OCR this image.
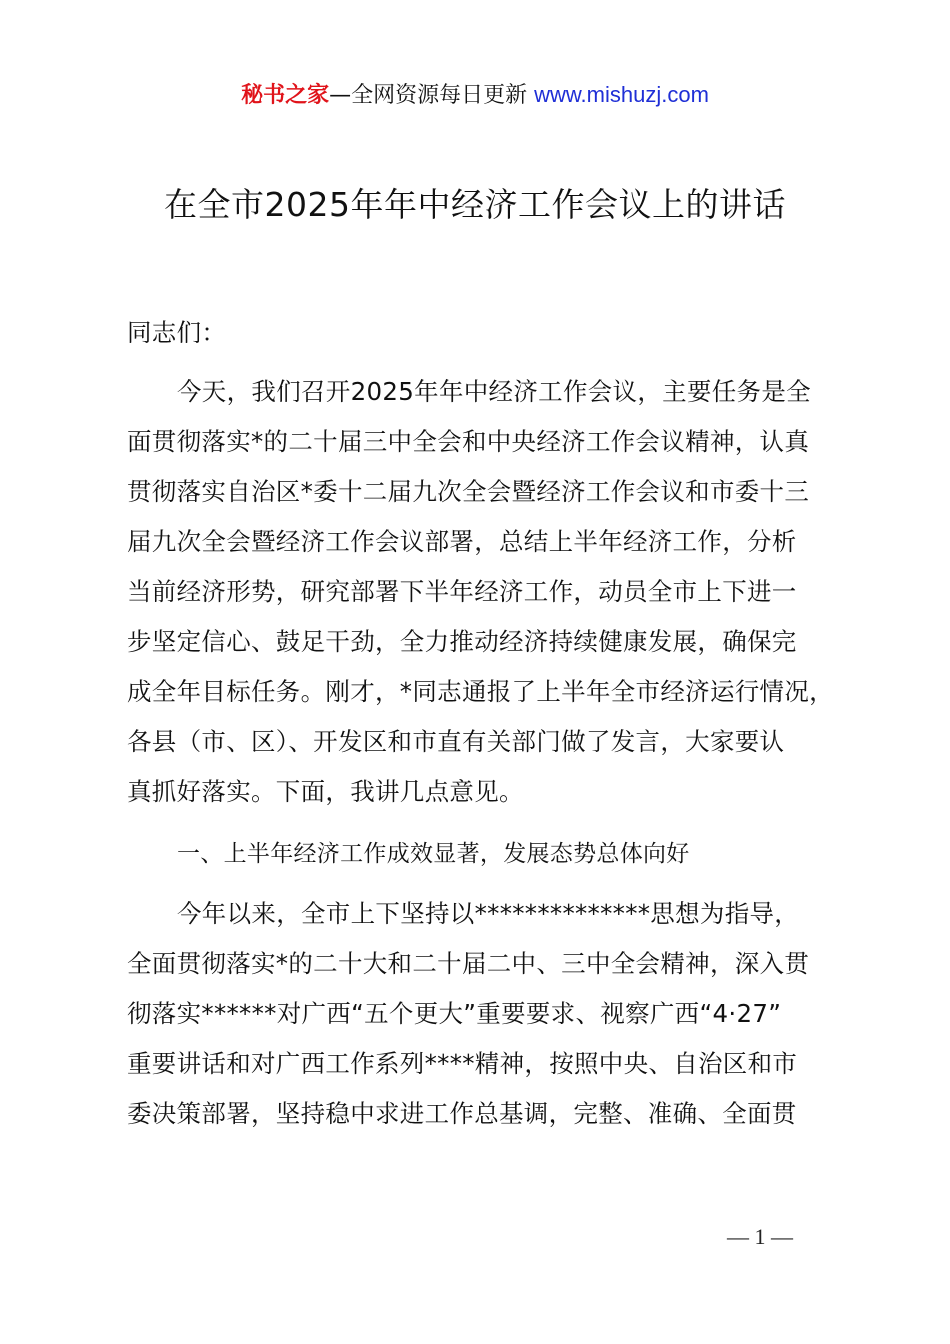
秘书之家—全网资源每日更新 www.mishuzj.com
在全市2025年年中经济工作会议上的讲话
同志们：
今天，我们召开2025年年中经济工作会议，主要任务是全
面贯彻落实*的二十届三中全会和中央经济工作会议精神，认真
贯彻落实自治区*委十二届九次全会暨经济工作会议和市委十三
届九次全会暨经济工作会议部署，总结上半年经济工作，分析
当前经济形势，研究部署下半年经济工作，动员全市上下进一
步坚定信心、鼓足干劲，全力推动经济持续健康发展，确保完
成全年目标任务。刚才，*同志通报了上半年全市经济运行情况，
各县（市、区）、开发区和市直有关部门做了发言，大家要认
真抓好落实。下面，我讲几点意见。
一、上半年经济工作成效显著，发展态势总体向好
今年以来，全市上下坚持以**************思想为指导，
全面贯彻落实*的二十大和二十届二中、三中全会精神，深入贯
彻落实******对广西“五个更大”重要要求、视察广西“4·27”
重要讲话和对广西工作系列****精神，按照中央、自治区和市
委决策部署，坚持稳中求进工作总基调，完整、准确、全面贯
— 1 —
